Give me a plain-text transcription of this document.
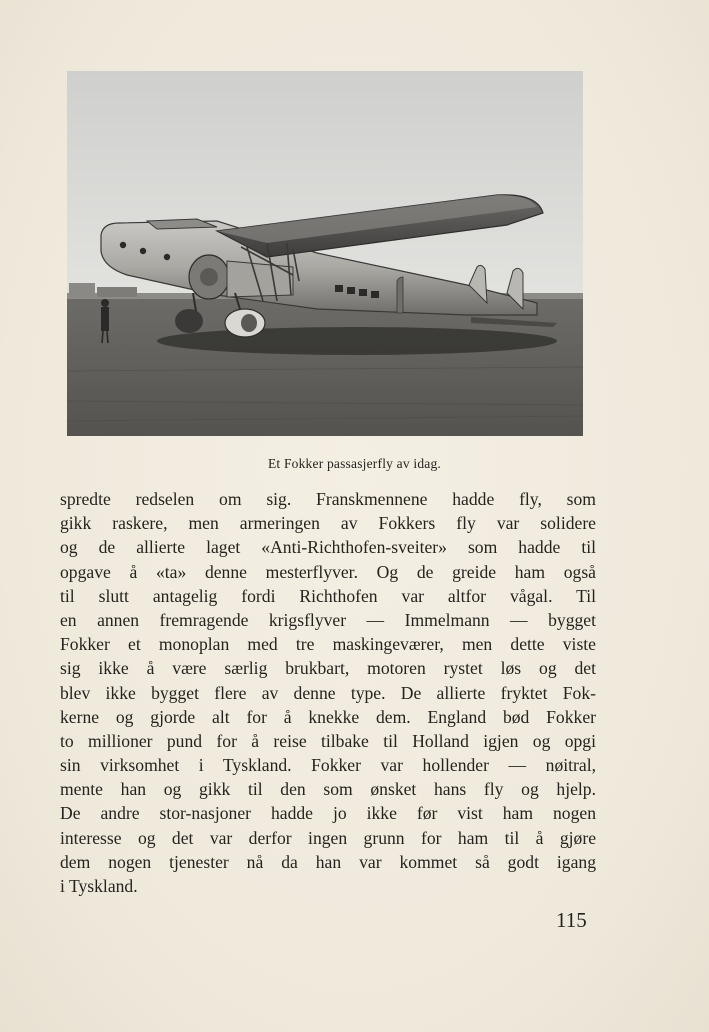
Et Fokker passasjerfly av idag.
spredte redselen om sig. Franskmennene hadde fly, som
gikk raskere, men armeringen av Fokkers fly var solidere
og de allierte laget «Anti-Richthofen-sveiter» som hadde til
opgave å «ta» denne mesterflyver. Og de greide ham også
til slutt antagelig fordi Richthofen var altfor vågal. Til
en annen fremragende krigsflyver — Immelmann — bygget
Fokker et monoplan med tre maskingeværer, men dette viste
sig ikke å være særlig brukbart, motoren rystet løs og det
blev ikke bygget flere av denne type. De allierte fryktet Fok-
kerne og gjorde alt for å knekke dem. England bød Fokker
to millioner pund for å reise tilbake til Holland igjen og opgi
sin virksomhet i Tyskland. Fokker var hollender — nøitral,
mente han og gikk til den som ønsket hans fly og hjelp.
De andre stor-nasjoner hadde jo ikke før vist ham nogen
interesse og det var derfor ingen grunn for ham til å gjøre
dem nogen tjenester nå da han var kommet så godt igang
i Tyskland.
115
